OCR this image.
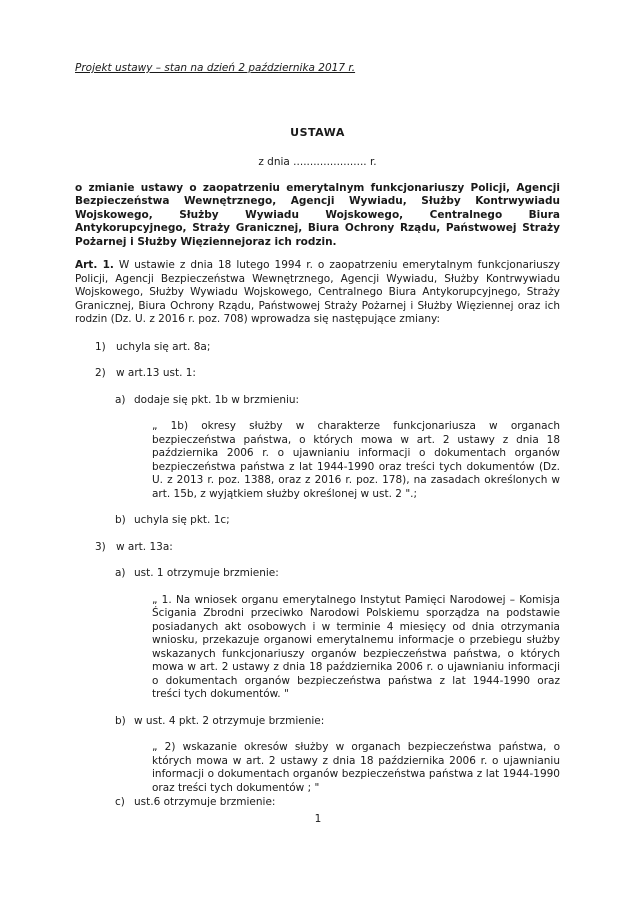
Projekt ustawy – stan na dzień 2 października 2017 r.
USTAWA
z dnia ...................... r.

o zmianie ustawy o zaopatrzeniu emerytalnym funkcjonariuszy Policji, Agencji Bezpieczeństwa Wewnętrznego, Agencji Wywiadu, Służby Kontrwywiadu Wojskowego, Służby Wywiadu Wojskowego, Centralnego Biura Antykorupcyjnego, Straży Granicznej, Biura Ochrony Rządu, Państwowej Straży Pożarnej i Służby Więziennejoraz ich rodzin.

Art. 1. W ustawie z dnia 18 lutego 1994 r. o zaopatrzeniu emerytalnym funkcjonariuszy Policji, Agencji Bezpieczeństwa Wewnętrznego, Agencji Wywiadu, Służby Kontrwywiadu Wojskowego, Służby Wywiadu Wojskowego, Centralnego Biura Antykorupcyjnego, Straży Granicznej, Biura Ochrony Rządu, Państwowej Straży Pożarnej i Służby Więziennej oraz ich rodzin (Dz. U. z 2016 r. poz. 708) wprowadza się następujące zmiany:

1) uchyla się art. 8a;
2) w art.13 ust. 1:
a) dodaje się pkt. 1b w brzmieniu:
„ 1b) okresy służby w charakterze funkcjonariusza w organach bezpieczeństwa państwa, o których mowa w art. 2 ustawy z dnia 18 października 2006 r. o ujawnianiu informacji o dokumentach organów bezpieczeństwa państwa z lat 1944-1990 oraz treści tych dokumentów (Dz. U. z 2013 r. poz. 1388, oraz z 2016 r. poz. 178), na zasadach określonych w art. 15b, z wyjątkiem służby określonej w ust. 2 ".;
b) uchyla się pkt. 1c;
3) w art. 13a:
a) ust. 1 otrzymuje brzmienie:
„ 1. Na wniosek organu emerytalnego Instytut Pamięci Narodowej – Komisja Ścigania Zbrodni przeciwko Narodowi Polskiemu sporządza na podstawie posiadanych akt osobowych i w terminie 4 miesięcy od dnia otrzymania wniosku, przekazuje organowi emerytalnemu informacje o przebiegu służby wskazanych funkcjonariuszy organów bezpieczeństwa państwa, o których mowa w art. 2 ustawy z dnia 18 października 2006 r. o ujawnianiu informacji o dokumentach organów bezpieczeństwa państwa z lat 1944-1990 oraz treści tych dokumentów. "
b) w ust. 4 pkt. 2 otrzymuje brzmienie:
„ 2) wskazanie okresów służby w organach bezpieczeństwa państwa, o których mowa w art. 2 ustawy z dnia 18 października 2006 r. o ujawnianiu informacji o dokumentach organów bezpieczeństwa państwa z lat 1944-1990 oraz treści tych dokumentów ; "
c) ust.6 otrzymuje brzmienie:
1
